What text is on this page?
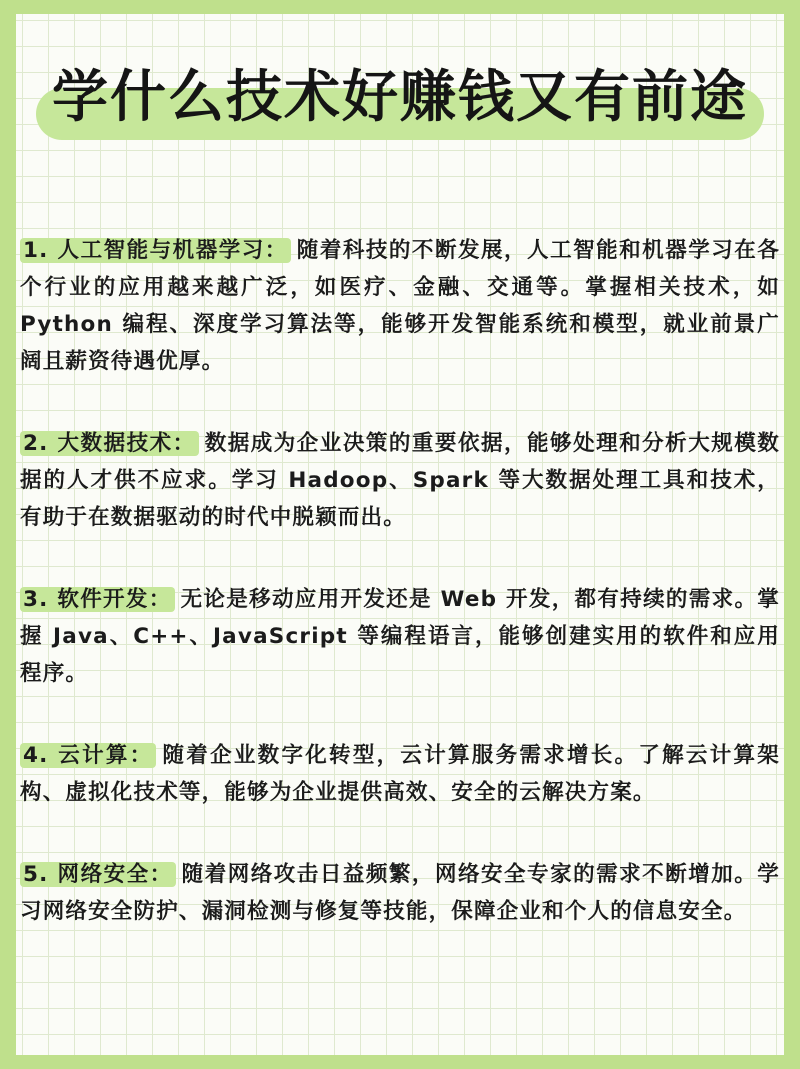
学什么技术好赚钱又有前途

1. 人工智能与机器学习： 随着科技的不断发展，人工智能和机器学习在各个行业的应用越来越广泛，如医疗、金融、交通等。掌握相关技术，如 Python 编程、深度学习算法等，能够开发智能系统和模型，就业前景广阔且薪资待遇优厚。

2. 大数据技术： 数据成为企业决策的重要依据，能够处理和分析大规模数据的人才供不应求。学习 Hadoop、Spark 等大数据处理工具和技术，有助于在数据驱动的时代中脱颖而出。

3. 软件开发： 无论是移动应用开发还是 Web 开发，都有持续的需求。掌握 Java、C++、JavaScript 等编程语言，能够创建实用的软件和应用程序。

4. 云计算： 随着企业数字化转型，云计算服务需求增长。了解云计算架构、虚拟化技术等，能够为企业提供高效、安全的云解决方案。

5. 网络安全： 随着网络攻击日益频繁，网络安全专家的需求不断增加。学习网络安全防护、漏洞检测与修复等技能，保障企业和个人的信息安全。
